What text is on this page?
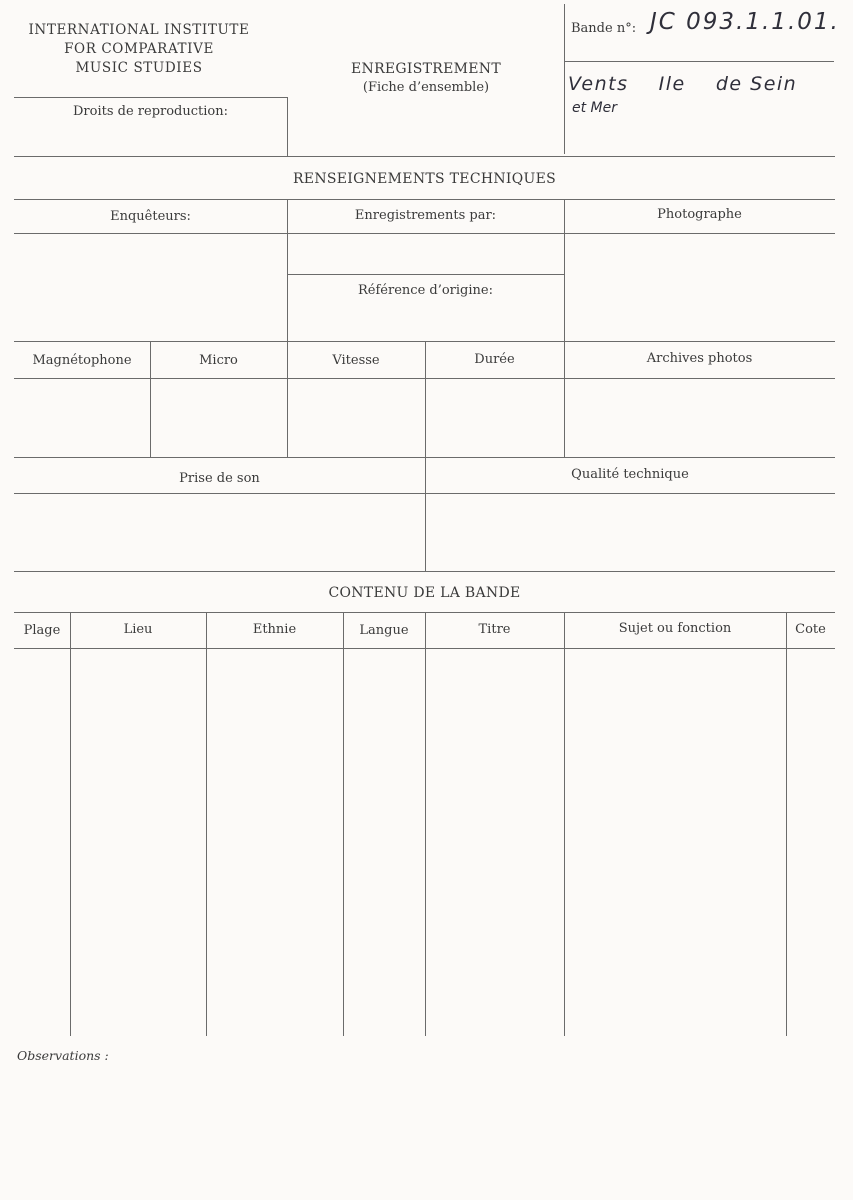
INTERNATIONAL INSTITUTE
FOR COMPARATIVE
MUSIC STUDIES	ENREGISTREMENT
(Fiche d’ensemble)
Bande n°: JC 093.1.1.01.
Vents    Ile    de Sein
et Mer
Droits de reproduction:
RENSEIGNEMENTS TECHNIQUES
Enquêteurs:	Enregistrements par:	Photographe
Référence d’origine:
Magnétophone	Micro	Vitesse	Durée	Archives photos
Prise de son	Qualité technique
CONTENU DE LA BANDE
Plage	Lieu	Ethnie	Langue	Titre	Sujet ou fonction	Cote
Observations :
